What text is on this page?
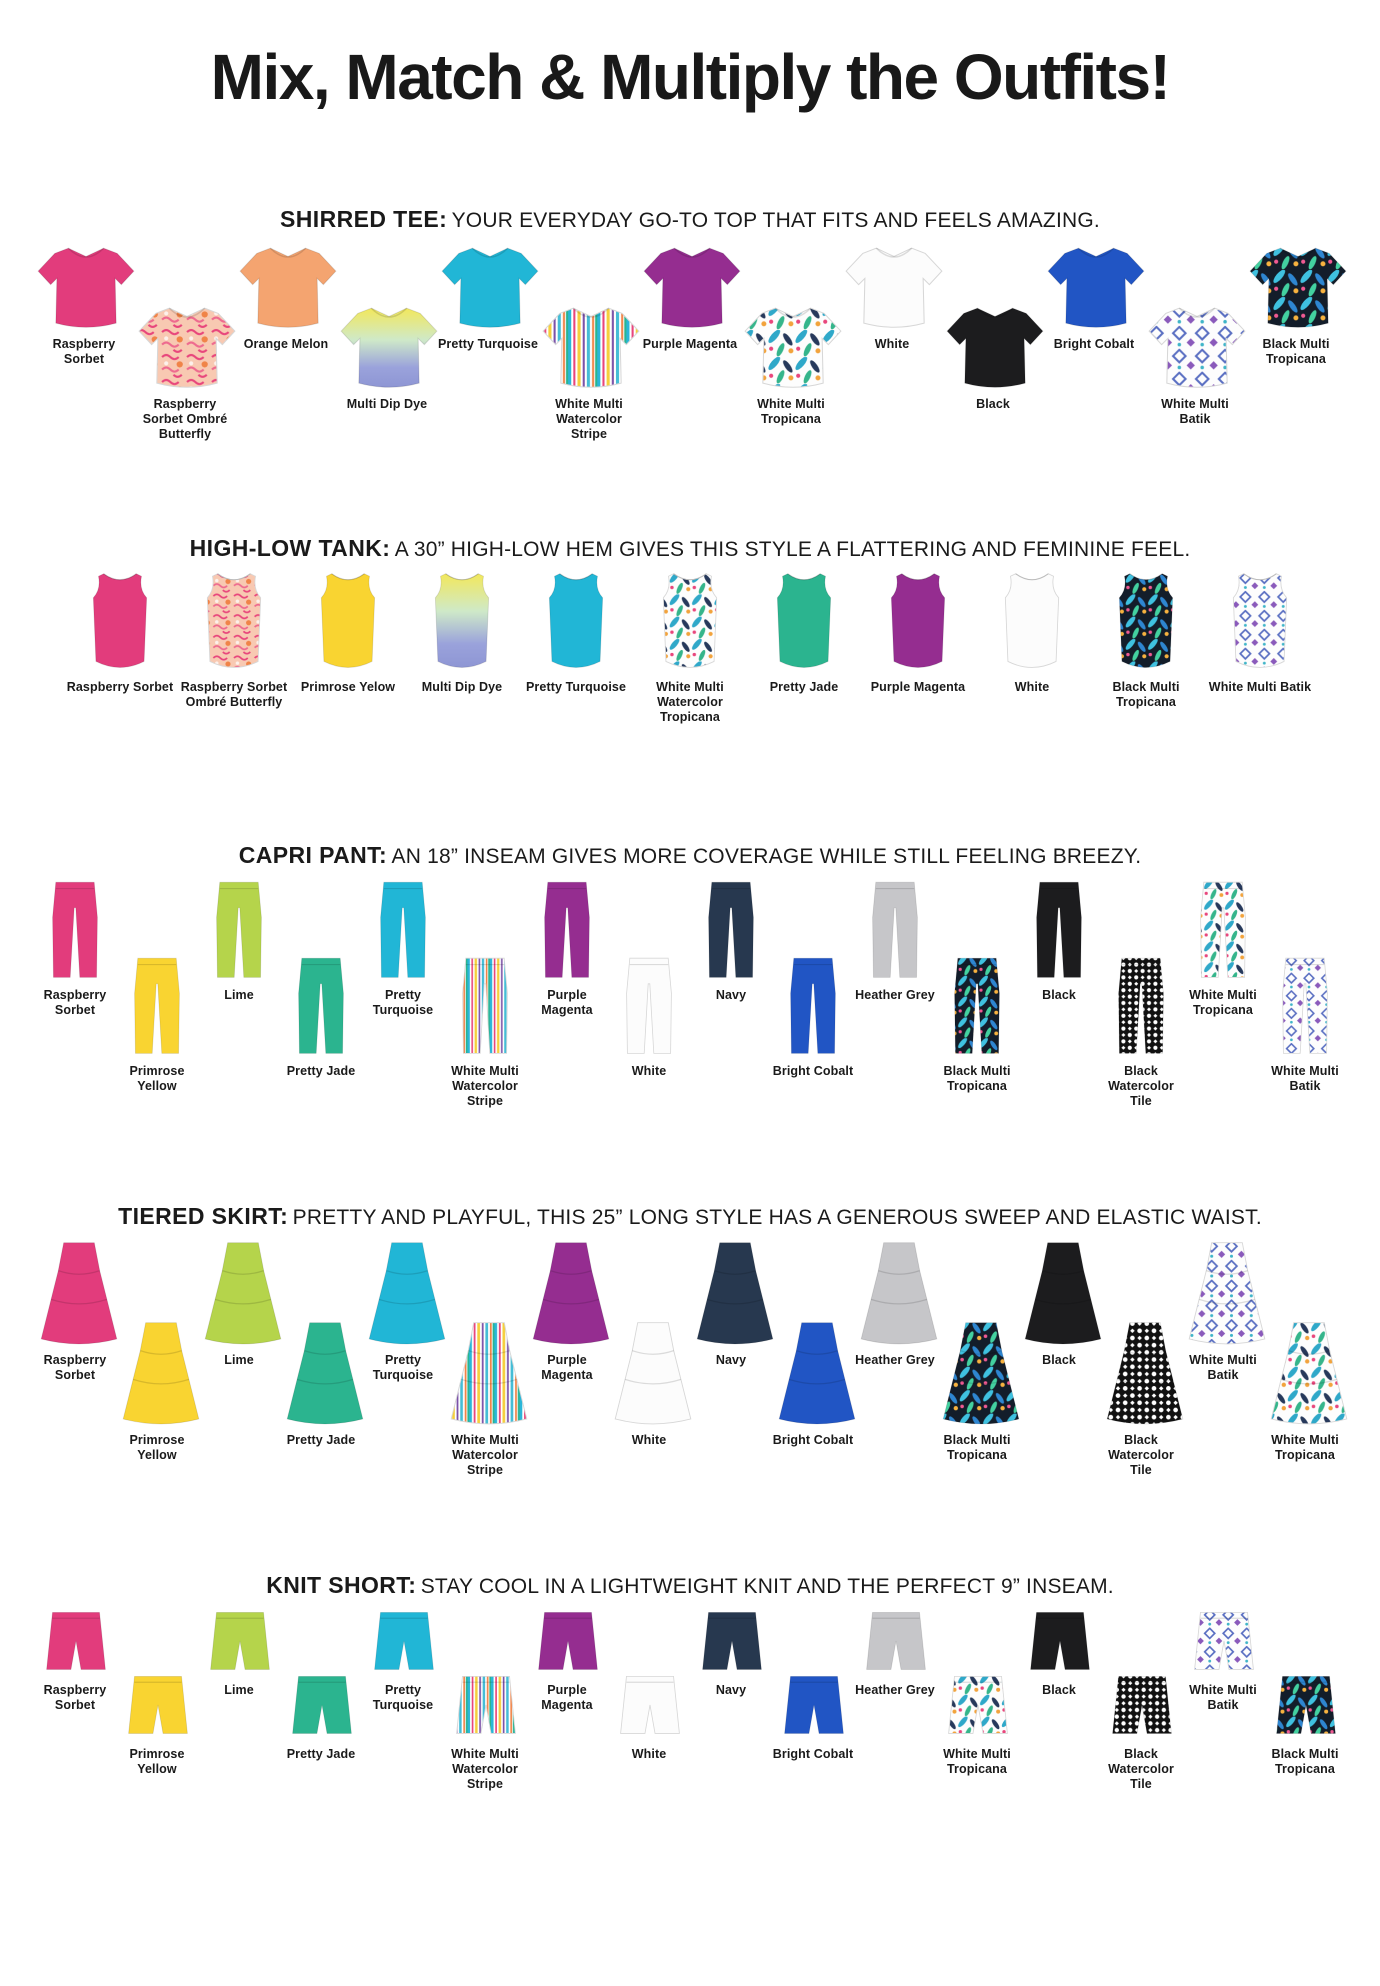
Mix, Match & Multiply the Outfits!
SHIRRED TEE: YOUR EVERYDAY GO-TO TOP THAT FITS AND FEELS AMAZING.
Raspberry Sorbet
Raspberry Sorbet Ombré Butterfly
Orange Melon
Multi Dip Dye
Pretty Turquoise
White Multi Watercolor Stripe
Purple Magenta
White Multi Tropicana
White
Black
Bright Cobalt
White Multi Batik
Black Multi Tropicana
HIGH-LOW TANK: A 30” HIGH-LOW HEM GIVES THIS STYLE A FLATTERING AND FEMININE FEEL.
Raspberry Sorbet Raspberry Sorbet Ombré Butterfly
Primrose Yelow Multi Dip Dye Pretty Turquoise	White Multi Watercolor Tropicana
Pretty Jade	Purple Magenta	White	Black Multi Tropicana
White Multi Batik
CAPRI PANT: AN 18” INSEAM GIVES MORE COVERAGE WHILE STILL FEELING BREEZY.
Raspberry Sorbet
Primrose Yellow
Lime
Pretty Jade
Pretty Turquoise
White Multi Watercolor Stripe
Purple Magenta
White
Navy
Bright Cobalt
Heather Grey
Black Multi Tropicana
Black
Black Watercolor Tile
White Multi Tropicana
White Multi Batik
TIERED SKIRT: PRETTY AND PLAYFUL, THIS 25” LONG STYLE HAS A GENEROUS SWEEP AND ELASTIC WAIST.
Raspberry Sorbet
Primrose Yellow
Lime
Pretty Jade
Pretty Turquoise
White Multi Watercolor Stripe
Purple Magenta
White
Navy
Bright Cobalt
Heather Grey
Black Multi Tropicana
Black
Black Watercolor Tile
White Multi Batik
White Multi Tropicana
KNIT SHORT: STAY COOL IN A LIGHTWEIGHT KNIT AND THE PERFECT 9” INSEAM.
Raspberry Sorbet
Primrose Yellow
Lime
Pretty Jade
Pretty Turquoise
White Multi Watercolor Stripe
Purple Magenta
White
Navy
Bright Cobalt
Heather Grey
White Multi Tropicana
Black
Black Watercolor Tile
White Multi Batik
Black Multi Tropicana
